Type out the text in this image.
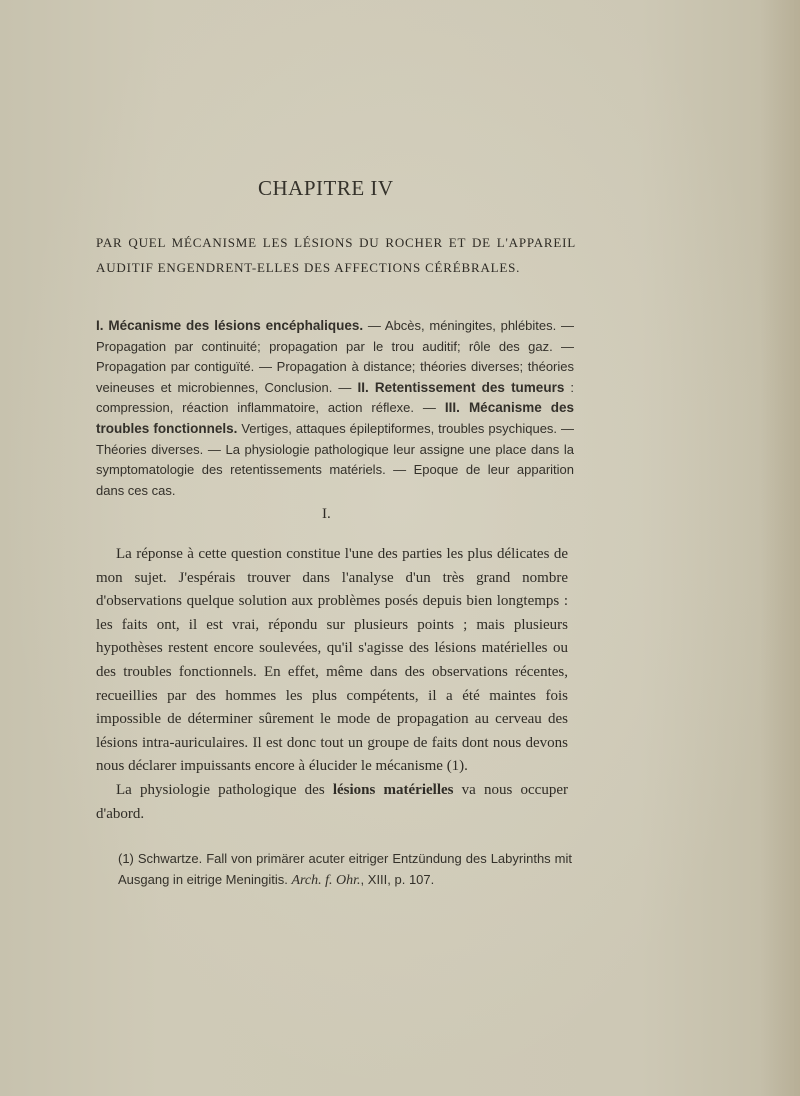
CHAPITRE IV
PAR QUEL MÉCANISME LES LÉSIONS DU ROCHER ET DE L'APPAREIL AUDITIF ENGENDRENT-ELLES DES AFFECTIONS CÉRÉBRALES.
I. Mécanisme des lésions encéphaliques. — Abcès, méningites, phlébites. — Propagation par continuité; propagation par le trou auditif; rôle des gaz. — Propagation par contiguïté. — Propagation à distance; théories diverses; théories veineuses et microbiennes, Conclusion. — II. Retentissement des tumeurs : compression, réaction inflammatoire, action réflexe. — III. Mécanisme des troubles fonctionnels. Vertiges, attaques épileptiformes, troubles psychiques. — Théories diverses. — La physiologie pathologique leur assigne une place dans la symptomatologie des retentissements matériels. — Epoque de leur apparition dans ces cas.
I.

La réponse à cette question constitue l'une des parties les plus délicates de mon sujet. J'espérais trouver dans l'analyse d'un très grand nombre d'observations quelque solution aux problèmes posés depuis bien longtemps : les faits ont, il est vrai, répondu sur plusieurs points ; mais plusieurs hypothèses restent encore soulevées, qu'il s'agisse des lésions matérielles ou des troubles fonctionnels. En effet, même dans des observations récentes, recueillies par des hommes les plus compétents, il a été maintes fois impossible de déterminer sûrement le mode de propagation au cerveau des lésions intra-auriculaires. Il est donc tout un groupe de faits dont nous devons nous déclarer impuissants encore à élucider le mécanisme (1).

La physiologie pathologique des lésions matérielles va nous occuper d'abord.

(1) Schwartze. Fall von primärer acuter eitriger Entzündung des Labyrinths mit Ausgang in eitrige Meningitis. Arch. f. Ohr., XIII, p. 107.
